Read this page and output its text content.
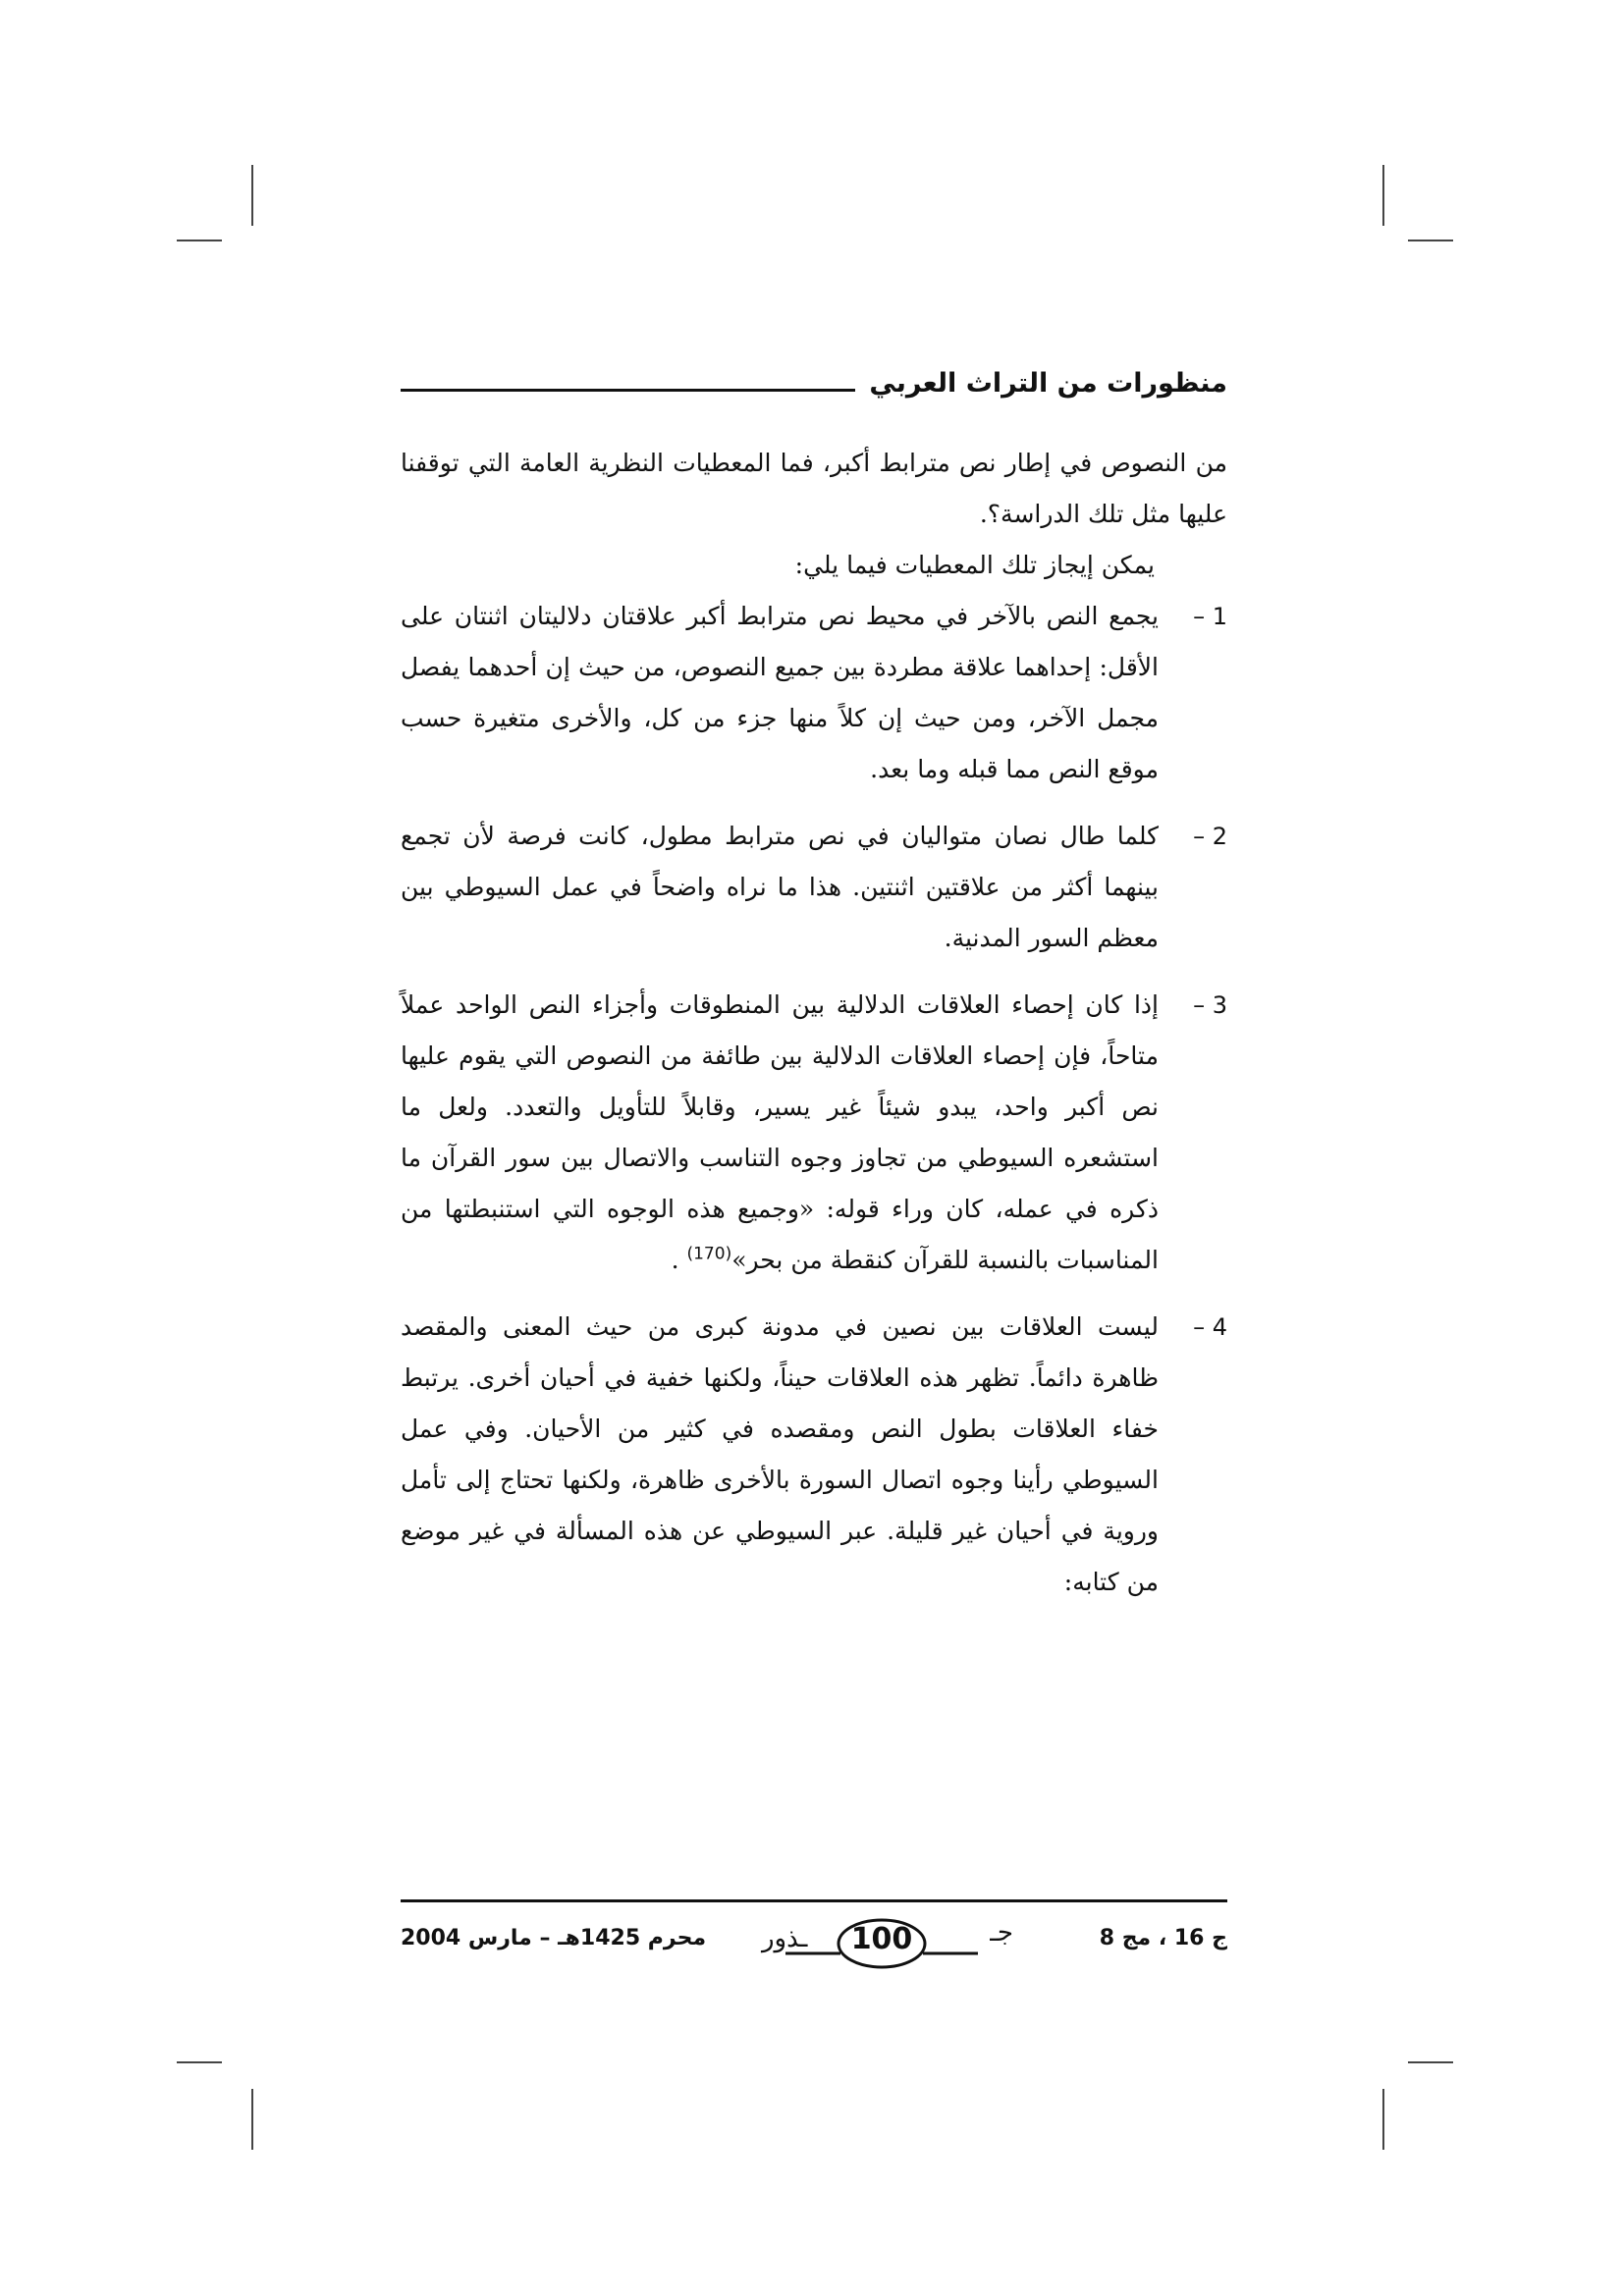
منظورات من التراث العربي

من النصوص في إطار نص مترابط أكبر، فما المعطيات النظرية العامة التي توقفنا عليها مثل تلك الدراسة؟.

يمكن إيجاز تلك المعطيات فيما يلي:

1 –
يجمع النص بالآخر في محيط نص مترابط أكبر علاقتان دلاليتان اثنتان على الأقل: إحداهما علاقة مطردة بين جميع النصوص، من حيث إن أحدهما يفصل مجمل الآخر، ومن حيث إن كلاً منها جزء من كل، والأخرى متغيرة حسب موقع النص مما قبله وما بعد.
2 –
كلما طال نصان متواليان في نص مترابط مطول، كانت فرصة لأن تجمع بينهما أكثر من علاقتين اثنتين. هذا ما نراه واضحاً في عمل السيوطي بين معظم السور المدنية.
3 –
إذا كان إحصاء العلاقات الدلالية بين المنطوقات وأجزاء النص الواحد عملاً متاحاً، فإن إحصاء العلاقات الدلالية بين طائفة من النصوص التي يقوم عليها نص أكبر واحد، يبدو شيئاً غير يسير، وقابلاً للتأويل والتعدد. ولعل ما استشعره السيوطي من تجاوز وجوه التناسب والاتصال بين سور القرآن ما ذكره في عمله، كان وراء قوله: «وجميع هذه الوجوه التي استنبطتها من المناسبات بالنسبة للقرآن كنقطة من بحر»$^{(170)}$ .
4 –
ليست العلاقات بين نصين في مدونة كبرى من حيث المعنى والمقصد ظاهرة دائماً. تظهر هذه العلاقات حيناً، ولكنها خفية في أحيان أخرى. يرتبط خفاء العلاقات بطول النص ومقصده في كثير من الأحيان. وفي عمل السيوطي رأينا وجوه اتصال السورة بالأخرى ظاهرة، ولكنها تحتاج إلى تأمل وروية في أحيان غير قليلة. عبر السيوطي عن هذه المسألة في غير موضع من كتابه:
ج 16 ، مج 8
ـذور	100	جـ
محرم 1425هـ – مارس 2004
